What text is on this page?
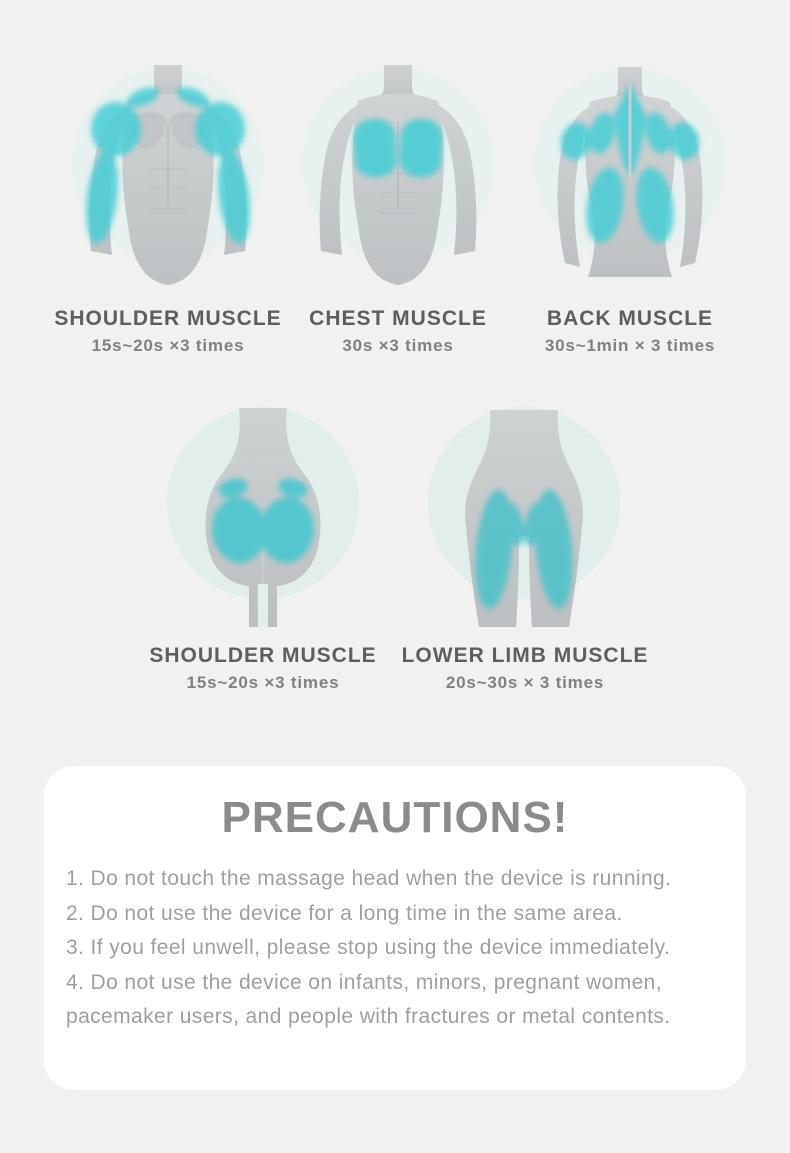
SHOULDER MUSCLE
15s~20s ×3 times
CHEST MUSCLE
30s ×3 times
BACK MUSCLE
30s~1min × 3 times
SHOULDER MUSCLE
15s~20s ×3 times
LOWER LIMB MUSCLE
20s~30s × 3 times
PRECAUTIONS!

1. Do not touch the massage head when the device is running.

2. Do not use the device for a long time in the same area.

3. If you feel unwell, please stop using the device immediately.

4. Do not use the device on infants, minors, pregnant women, pacemaker users, and people with fractures or metal contents.
